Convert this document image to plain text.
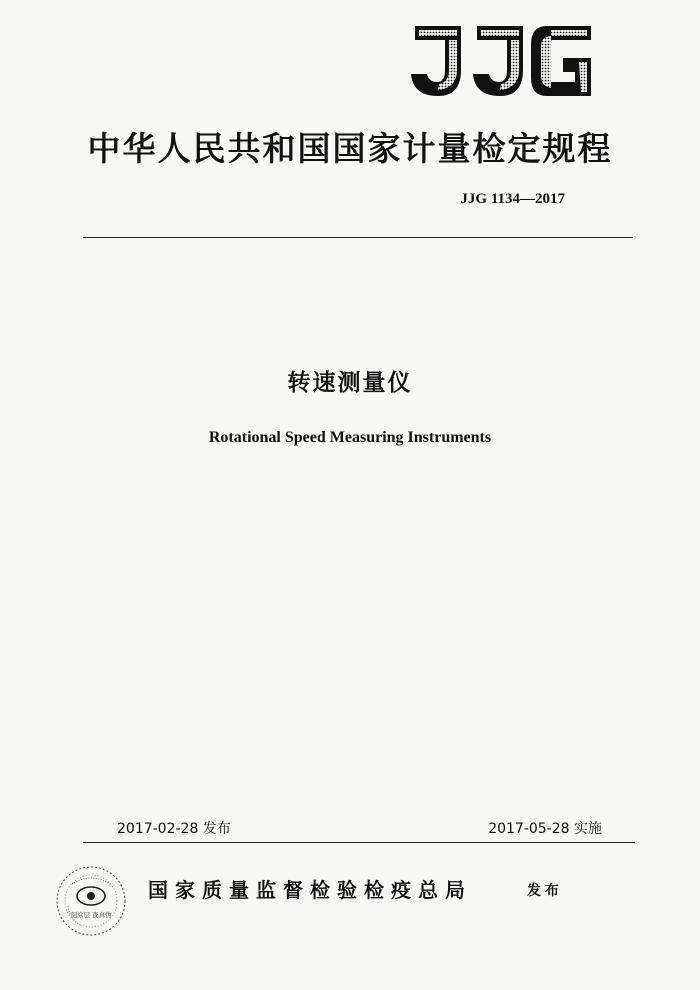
中华人民共和国国家计量检定规程
JJG 1134—2017
转速测量仪
Rotational Speed Measuring Instruments
2017-02-28 发布	2017-05-28 实施
刻涂层 查真伪
国家质量监督检验检疫总局	发布
